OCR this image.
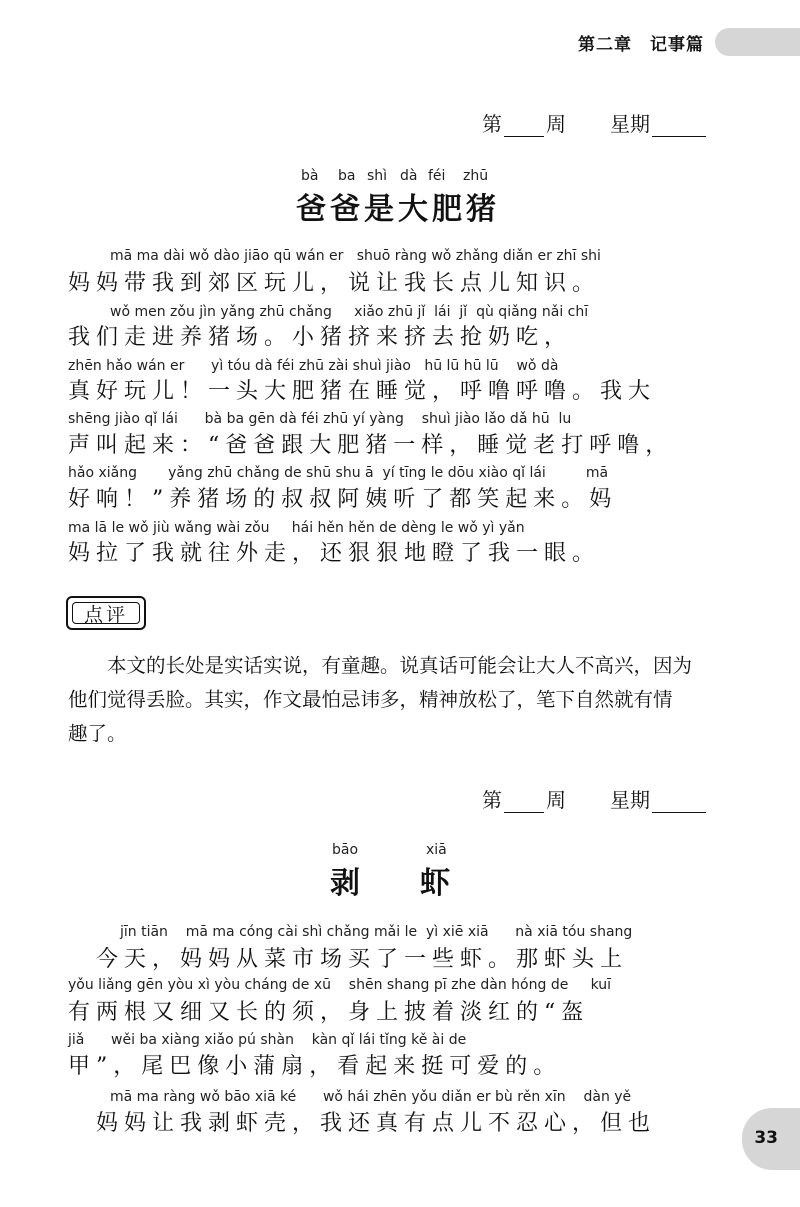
第二章　记事篇
第 周 星期
bà ba shì dà féi zhū
爸爸是大肥猪
mā ma dài wǒ dào jiāo qū wán er   shuō ràng wǒ zhǎng diǎn er zhī shi
妈妈带我到郊区玩儿，说让我长点儿知识。
wǒ men zǒu jìn yǎng zhū chǎng     xiǎo zhū jǐ  lái  jǐ  qù qiǎng nǎi chī
我们走进养猪场。小猪挤来挤去抢奶吃，
zhēn hǎo wán er      yì tóu dà féi zhū zài shuì jiào   hū lū hū lū    wǒ dà
真好玩儿！一头大肥猪在睡觉，呼噜呼噜。我大
shēng jiào qǐ lái      bà ba gēn dà féi zhū yí yàng    shuì jiào lǎo dǎ hū  lu
声叫起来：“爸爸跟大肥猪一样，睡觉老打呼噜，
hǎo xiǎng       yǎng zhū chǎng de shū shu ā  yí tīng le dōu xiào qǐ lái         mā
好响！”养猪场的叔叔阿姨听了都笑起来。妈
ma lā le wǒ jiù wǎng wài zǒu     hái hěn hěn de dèng le wǒ yì yǎn
妈拉了我就往外走，还狠狠地瞪了我一眼。
点评
　　本文的长处是实话实说，有童趣。说真话可能会让大人不高兴，因为
他们觉得丢脸。其实，作文最怕忌讳多，精神放松了，笔下自然就有情
趣了。
第 周 星期
bāo	xiā
剥 虾
jīn tiān    mā ma cóng cài shì chǎng mǎi le  yì xiē xiā      nà xiā tóu shang
　今天，妈妈从菜市场买了一些虾。那虾头上
yǒu liǎng gēn yòu xì yòu cháng de xū    shēn shang pī zhe dàn hóng de     kuī
有两根又细又长的须，身上披着淡红的“盔
jiǎ      wěi ba xiàng xiǎo pú shàn    kàn qǐ lái tǐng kě ài de
甲”，尾巴像小蒲扇，看起来挺可爱的。
mā ma ràng wǒ bāo xiā ké      wǒ hái zhēn yǒu diǎn er bù rěn xīn    dàn yě
　妈妈让我剥虾壳，我还真有点儿不忍心，但也
33
